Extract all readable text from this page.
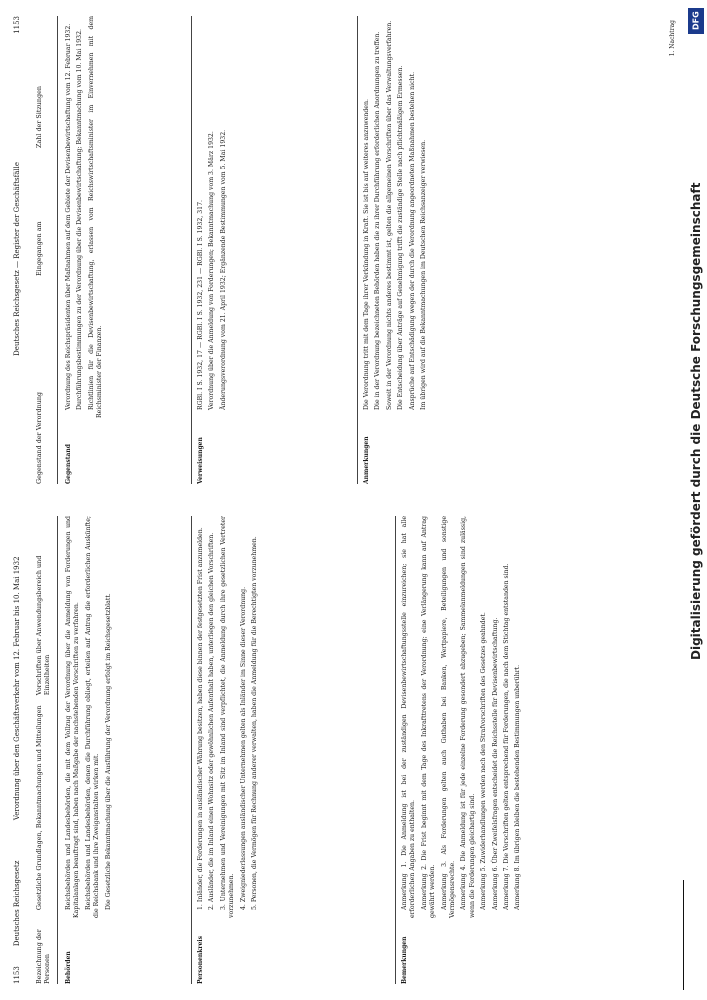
1153
Deutsches Reichsgesetz
Verordnung über den Geschäftsverkehr vom 12. Februar bis 10. Mai 1932
Bezeichnung der Personen
Gesetzliche Grundlagen, Bekanntmachungen und Mitteilungen
Vorschriften über Anwendungsbereich und Einzelheiten
Behörden

Reichsbehörden und Landesbehörden, die mit dem Vollzug der Verordnung über die Anmeldung von Forderungen und Kapitalanlagen beauftragt sind, haben nach Maßgabe der nachstehenden Vorschriften zu verfahren. Reichsbehörden und Landesbehörden, denen die Durchführung obliegt, erteilen auf Antrag die erforderlichen Auskünfte; die Reichsbank und ihre Zweiganstalten wirken mit. Die Gesetzliche Bekanntmachung über die Ausführung der Verordnung erfolgt im Reichsgesetzblatt.

Personenkreis

1. Inländer, die Forderungen in ausländischer Währung besitzen, haben diese binnen der festgesetzten Frist anzumelden. 2. Ausländer, die im Inland einen Wohnsitz oder gewöhnlichen Aufenthalt haben, unterliegen den gleichen Vorschriften. 3. Unternehmen und Vereinigungen mit Sitz im Inland sind verpflichtet, die Anmeldung durch ihre gesetzlichen Vertreter vorzunehmen. 4. Zweigniederlassungen ausländischer Unternehmen gelten als Inländer im Sinne dieser Verordnung. 5. Personen, die Vermögen für Rechnung anderer verwalten, haben die Anmeldung für die Berechtigten vorzunehmen.

Bemerkungen

Anmerkung 1. Die Anmeldung ist bei der zuständigen Devisenbewirtschaftungsstelle einzureichen; sie hat alle erforderlichen Angaben zu enthalten. Anmerkung 2. Die Frist beginnt mit dem Tage des Inkrafttretens der Verordnung; eine Verlängerung kann auf Antrag gewährt werden. Anmerkung 3. Als Forderungen gelten auch Guthaben bei Banken, Wertpapiere, Beteiligungen und sonstige Vermögensrechte. Anmerkung 4. Die Anmeldung ist für jede einzelne Forderung gesondert abzugeben; Sammelanmeldungen sind zulässig, wenn die Forderungen gleichartig sind. Anmerkung 5. Zuwiderhandlungen werden nach den Strafvorschriften des Gesetzes geahndet. Anmerkung 6. Über Zweifelsfragen entscheidet die Reichsstelle für Devisenbewirtschaftung. Anmerkung 7. Die Vorschriften gelten entsprechend für Forderungen, die nach dem Stichtag entstanden sind. Anmerkung 8. Im übrigen bleiben die bestehenden Bestimmungen unberührt.

Deutsches Reichsgesetz — Register der Geschäftsfälle
1153
Gegenstand der Verordnung
Eingegangen am
Zahl der Sitzungen
Gegenstand

Verordnung des Reichspräsidenten über Maßnahmen auf dem Gebiete der Devisenbewirtschaftung vom 12. Februar 1932. Durchführungsbestimmungen zu der Verordnung über die Devisenbewirtschaftung; Bekanntmachung vom 10. Mai 1932. Richtlinien für die Devisenbewirtschaftung, erlassen vom Reichswirtschaftsminister im Einvernehmen mit dem Reichsminister der Finanzen.

Verweisungen

RGBl. I S. 1932, 17 — RGBl. I S. 1932, 231 — RGBl. I S. 1932, 317. Verordnung über die Anmeldung von Forderungen; Bekanntmachung vom 3. März 1932. Änderungsverordnung vom 21. April 1932; Ergänzende Bestimmungen vom 5. Mai 1932.

Anmerkungen

Die Verordnung tritt mit dem Tage ihrer Verkündung in Kraft. Sie ist bis auf weiteres anzuwenden. Die in der Verordnung bezeichneten Behörden haben die zu ihrer Durchführung erforderlichen Anordnungen zu treffen. Soweit in der Verordnung nichts anderes bestimmt ist, gelten die allgemeinen Vorschriften über das Verwaltungsverfahren. Die Entscheidung über Anträge auf Genehmigung trifft die zuständige Stelle nach pflichtmäßigem Ermessen. Ansprüche auf Entschädigung wegen der durch die Verordnung angeordneten Maßnahmen bestehen nicht. Im übrigen wird auf die Bekanntmachungen im Deutschen Reichsanzeiger verwiesen.

1. Nachtrag	DFG
Digitalisierung gefördert durch die Deutsche Forschungsgemeinschaft
